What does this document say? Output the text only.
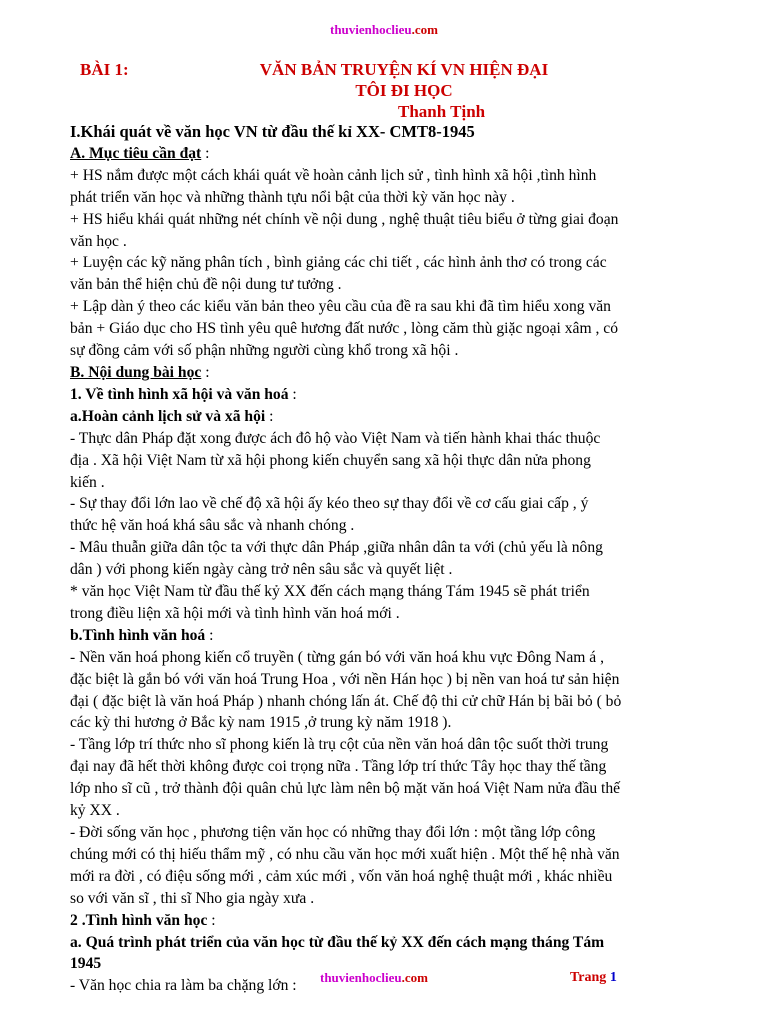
thuvienhoclieu.com
BÀI 1:	VĂN BẢN TRUYỆN KÍ VN HIỆN ĐẠI
TÔI ĐI HỌC
Thanh Tịnh

I.Khái quát về văn học VN từ đầu thế kỉ XX- CMT8-1945

A. Mục tiêu cần đạt :

+ HS nắm được một cách khái quát về hoàn cảnh lịch sử , tình hình xã hội ,tình hình

phát triển văn học và những thành tựu nổi bật của thời kỳ văn học này .

+ HS hiểu khái quát những nét chính về nội dung , nghệ thuật tiêu biểu ở từng giai đoạn

văn học .

+ Luyện các kỹ năng phân tích , bình giảng các chi tiết , các hình ảnh thơ có trong các

văn bản thể hiện chủ đề nội dung tư tưởng .

+ Lập dàn ý theo các kiểu văn bản theo yêu cầu của đề ra sau khi đã tìm hiểu xong văn

bản + Giáo dục cho HS tình yêu quê hương đất nước , lòng căm thù giặc ngoại xâm , có

sự đồng cảm với số phận những người cùng khổ trong xã hội .

B. Nội dung bài học :

1. Về tình hình xã hội và văn hoá :

a.Hoàn cảnh lịch sử và xã hội :

- Thực dân Pháp đặt xong được ách đô hộ vào Việt Nam và tiến hành khai thác thuộc

địa . Xã hội Việt Nam từ xã hội phong kiến chuyển sang xã hội thực dân nửa phong

kiến .

- Sự thay đổi lớn lao về chế độ xã hội ấy kéo theo sự thay đổi về cơ cấu giai cấp , ý

thức hệ văn hoá khá sâu sắc và nhanh chóng .

- Mâu thuẫn giữa dân tộc ta với thực dân Pháp ,giữa nhân dân ta với (chủ yếu là nông

dân ) với phong kiến ngày càng trở nên sâu sắc và quyết liệt .

* văn học Việt Nam từ đầu thế kỷ XX đến cách mạng tháng Tám 1945 sẽ phát triển

trong điều liện xã hội mới và tình hình văn hoá mới .

b.Tình hình văn hoá :

- Nền văn hoá phong kiến cổ truyền ( từng gán bó với văn hoá khu vực Đông Nam á ,

đặc biệt là gắn bó với văn hoá Trung Hoa , với nền Hán học ) bị nền van hoá tư sản hiện

đại ( đặc biệt là văn hoá Pháp ) nhanh chóng lấn át. Chế độ thi cử chữ Hán bị bãi bỏ ( bỏ

các kỳ thi hương ở Bắc kỳ nam 1915 ,ở trung kỳ năm 1918 ).

- Tầng lớp trí thức nho sĩ phong kiến là trụ cột của nền văn hoá dân tộc suốt thời trung

đại nay đã hết thời không được coi trọng nữa . Tầng lớp trí thức Tây học thay thế tầng

lớp nho sĩ cũ , trở thành đội quân chủ lực làm nên bộ mặt văn hoá Việt Nam nửa đầu thế

kỷ XX .

- Đời sống văn học , phương tiện văn học có những thay đổi lớn : một tầng lớp công

chúng mới có thị hiếu thẩm mỹ , có nhu cầu văn học mới xuất hiện . Một thế hệ nhà văn

mới ra đời , có điệu sống mới , cảm xúc mới , vốn văn hoá nghệ thuật mới , khác nhiều

so với văn sĩ , thi sĩ Nho gia ngày xưa .

2 .Tình hình văn học :

a. Quá trình phát triển của văn học từ đầu thế kỷ XX đến cách mạng tháng Tám

1945

- Văn học chia ra làm ba chặng lớn :	thuvienhoclieu.com	Trang 1
